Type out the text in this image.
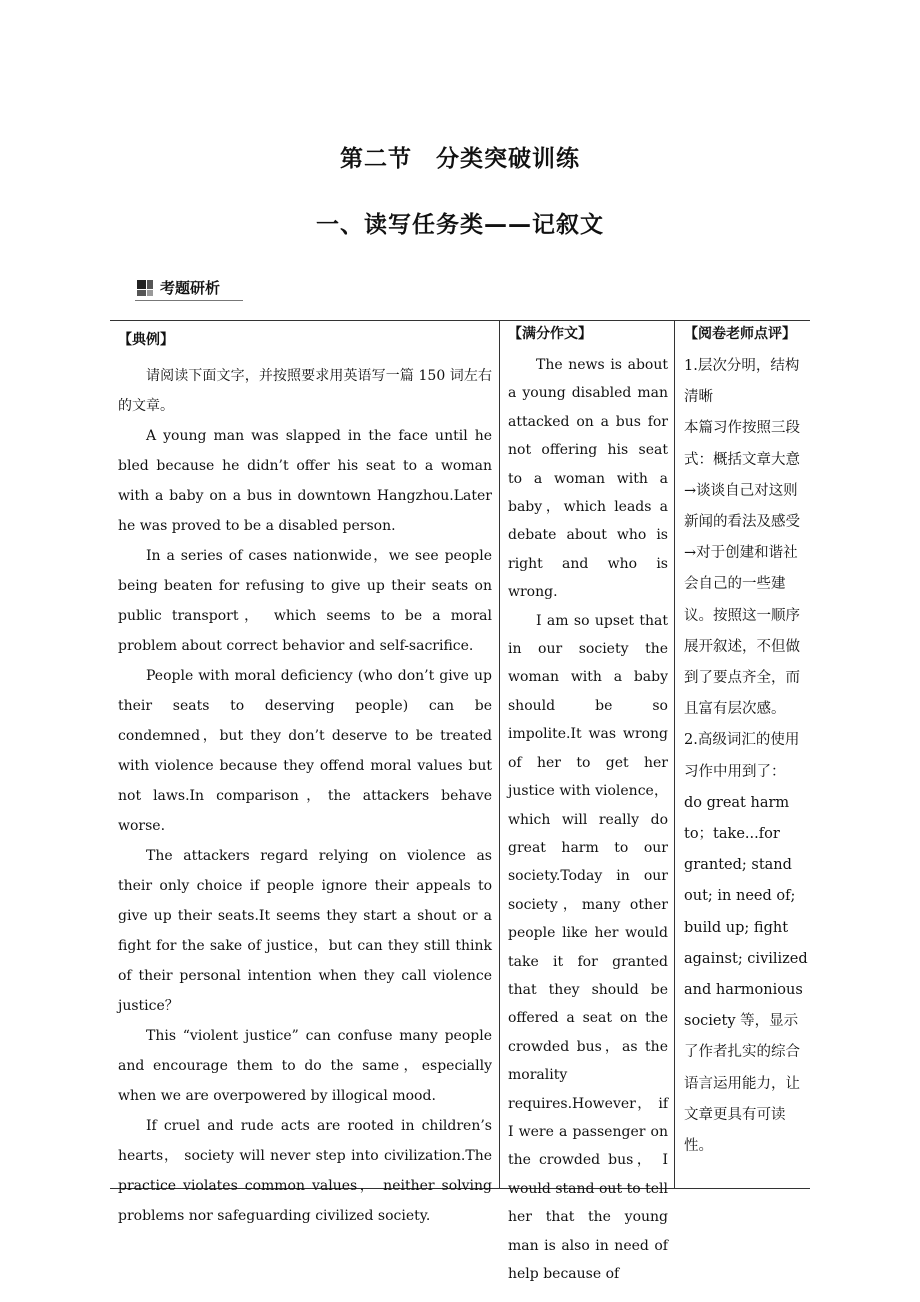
第二节　分类突破训练
一、读写任务类——记叙文
考题研析
【典例】

请阅读下面文字，并按照要求用英语写一篇 150 词左右的文章。

A young man was slapped in the face until he bled because he didn’t offer his seat to a woman with a baby on a bus in downtown Hangzhou.Later he was proved to be a disabled person.

In a series of cases nationwide，we see people being beaten for refusing to give up their seats on public transport， which seems to be a moral problem about correct behavior and self-sacrifice.

People with moral deficiency (who don’t give up their seats to deserving people) can be condemned，but they don’t deserve to be treated with violence because they offend moral values but not laws.In comparison，the attackers behave worse.

The attackers regard relying on violence as their only choice if people ignore their appeals to give up their seats.It seems they start a shout or a fight for the sake of justice，but can they still think of their personal intention when they call violence justice？

This “violent justice” can confuse many people and encourage them to do the same，especially when we are overpowered by illogical mood.

If cruel and rude acts are rooted in children’s hearts， society will never step into civilization.The practice violates common values， neither solving problems nor safeguarding civilized society.

【满分作文】

The news is about a young disabled man attacked on a bus for not offering his seat to a woman with a baby，which leads a debate about who is right and who is wrong.

I am so upset that in our society the woman with a baby should be so impolite.It was wrong of her to get her justice with violence， which will really do great harm to our society.Today in our society，many other people like her would take it for granted that they should be offered a seat on the crowded bus，as the morality requires.However， if I were a passenger on the crowded bus， I would stand out to tell her that the young man is also in need of help because of

【阅卷老师点评】

1.层次分明，结构清晰

本篇习作按照三段式：概括文章大意→谈谈自己对这则新闻的看法及感受→对于创建和谐社会自己的一些建议。按照这一顺序展开叙述，不但做到了要点齐全，而且富有层次感。

2.高级词汇的使用

习作中用到了：

do great harm to；take...for granted; stand out; in need of; build up; fight against; civilized and harmonious society 等，显示了作者扎实的综合语言运用能力，让文章更具有可读性。
